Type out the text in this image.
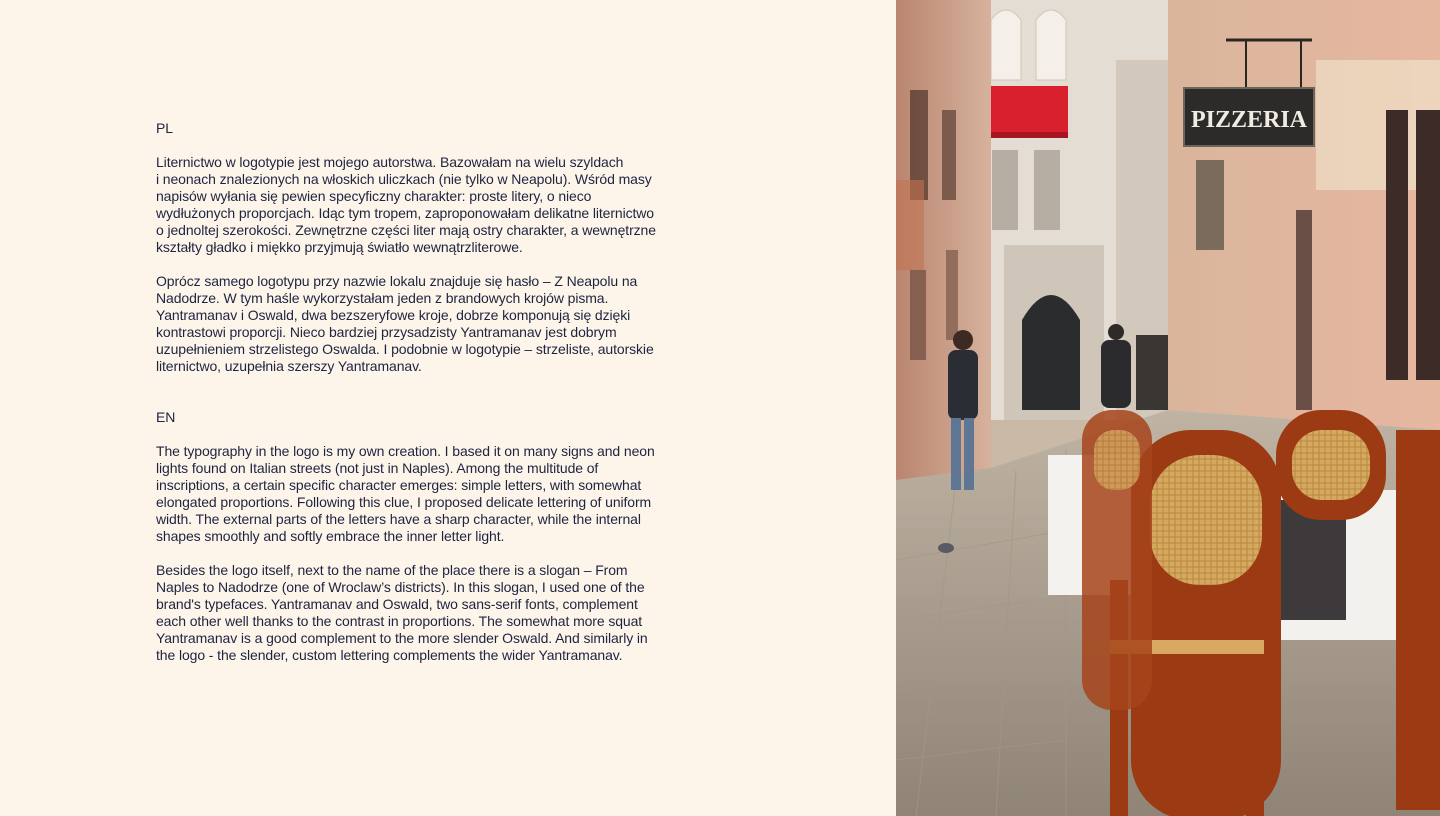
PL

Liternictwo w logotypie jest mojego autorstwa. Bazowałam na wielu szyldach
i neonach znalezionych na włoskich uliczkach (nie tylko w Neapolu). Wśród masy
napisów wyłania się pewien specyficzny charakter: proste litery, o nieco
wydłużonych proporcjach. Idąc tym tropem, zaproponowałam delikatne liternictwo
o jednoltej szerokości. Zewnętrzne części liter mają ostry charakter, a wewnętrzne
kształty gładko i miękko przyjmują światło wewnątrzliterowe.

Oprócz samego logotypu przy nazwie lokalu znajduje się hasło – Z Neapolu na
Nadodrze. W tym haśle wykorzystałam jeden z brandowych krojów pisma.
Yantramanav i Oswald, dwa bezszeryfowe kroje, dobrze komponują się dzięki
kontrastowi proporcji. Nieco bardziej przysadzisty Yantramanav jest dobrym
uzupełnieniem strzelistego Oswalda. I podobnie w logotypie – strzeliste, autorskie
liternictwo, uzupełnia szerszy Yantramanav.

EN

The typography in the logo is my own creation. I based it on many signs and neon
lights found on Italian streets (not just in Naples). Among the multitude of
inscriptions, a certain specific character emerges: simple letters, with somewhat
elongated proportions. Following this clue, I proposed delicate lettering of uniform
width. The external parts of the letters have a sharp character, while the internal
shapes smoothly and softly embrace the inner letter light.

Besides the logo itself, next to the name of the place there is a slogan – From
Naples to Nadodrze (one of Wroclaw’s districts). In this slogan, I used one of the
brand's typefaces. Yantramanav and Oswald, two sans-serif fonts, complement
each other well thanks to the contrast in proportions. The somewhat more squat
Yantramanav is a good complement to the more slender Oswald. And similarly in
the logo - the slender, custom lettering complements the wider Yantramanav.

PIZZERIA
